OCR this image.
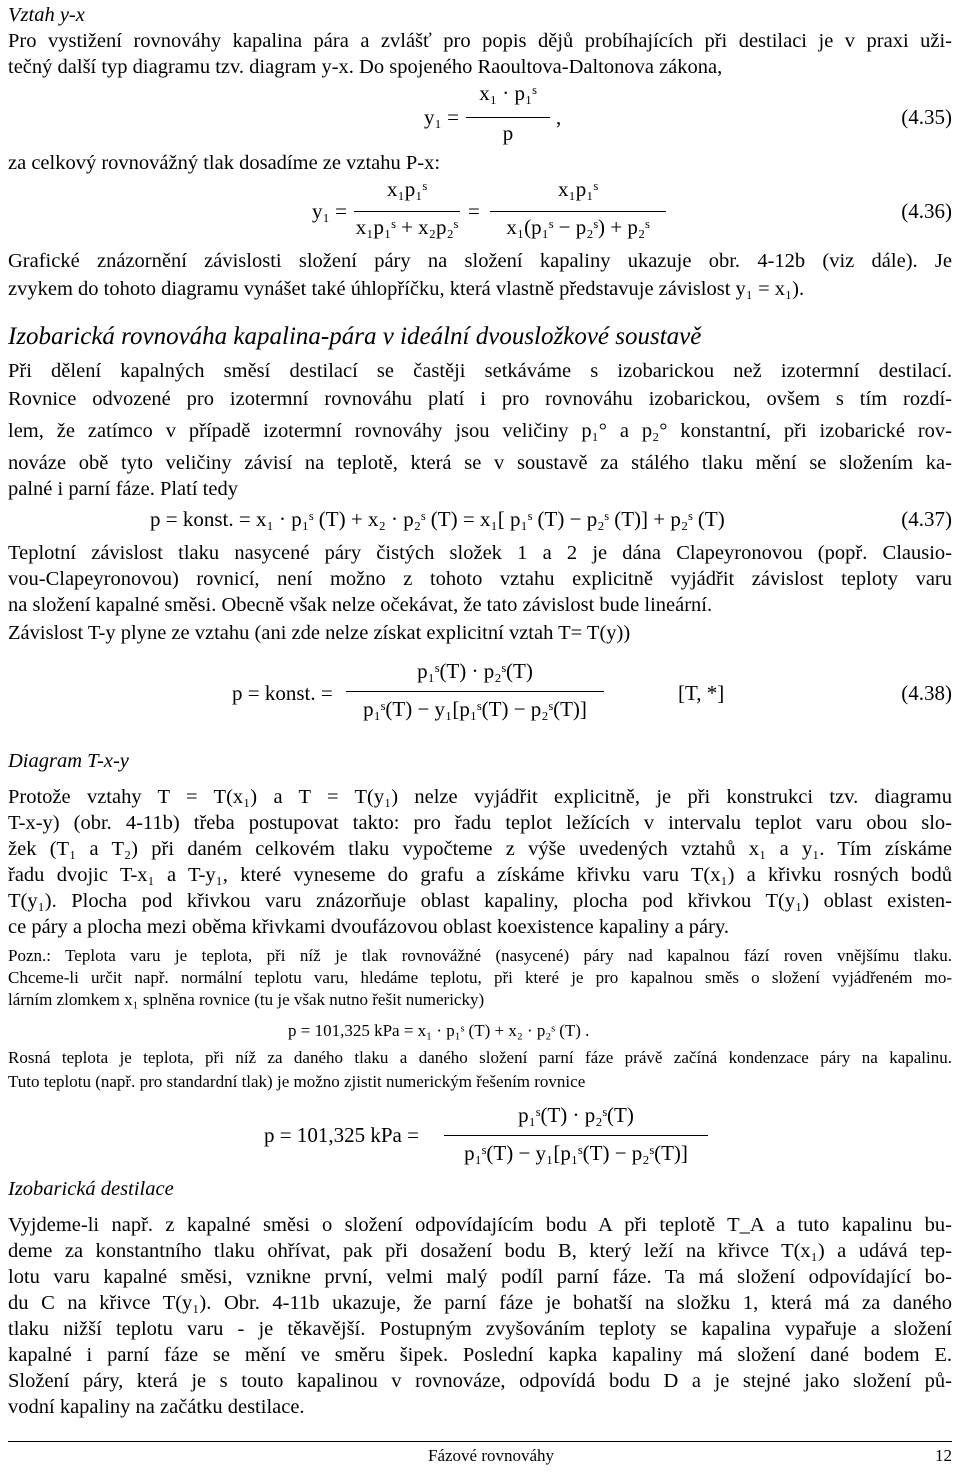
Vztah y-x
Pro vystižení rovnováhy kapalina pára a zvlášť pro popis dějů probíhajících při destilaci je v praxi uži-
tečný další typ diagramu tzv. diagram y-x. Do spojeného Raoultova-Daltonova zákona,
y₁ =
x₁ · p₁ˢ
p
,	(4.35)
za celkový rovnovážný tlak dosadíme ze vztahu P-x:
y₁ =
x₁p₁ˢ
x₁p₁ˢ + x₂p₂ˢ
=
x₁p₁ˢ
x₁(p₁ˢ − p₂ˢ) + p₂ˢ
(4.36)
Grafické znázornění závislosti složení páry na složení kapaliny ukazuje obr. 4-12b (viz dále). Je
zvykem do tohoto diagramu vynášet také úhlopříčku, která vlastně představuje závislost y₁ = x₁).
Izobarická rovnováha kapalina-pára v ideální dvousložkové soustavě
Při dělení kapalných směsí destilací se častěji setkáváme s izobarickou než izotermní destilací.
Rovnice odvozené pro izotermní rovnováhu platí i pro rovnováhu izobarickou, ovšem s tím rozdí-
lem, že zatímco v případě izotermní rovnováhy jsou veličiny p₁° a p₂° konstantní, při izobarické rov-
nováze obě tyto veličiny závisí na teplotě, která se v soustavě za stálého tlaku mění se složením ka-
palné i parní fáze. Platí tedy
p = konst. = x₁ · p₁ˢ (T) + x₂ · p₂ˢ (T) = x₁[ p₁ˢ (T) − p₂ˢ (T)] + p₂ˢ (T)	(4.37)
Teplotní závislost tlaku nasycené páry čistých složek 1 a 2 je dána Clapeyronovou (popř. Clausio-
vou-Clapeyronovou) rovnicí, není možno z tohoto vztahu explicitně vyjádřit závislost teploty varu
na složení kapalné směsi. Obecně však nelze očekávat, že tato závislost bude lineární.
Závislost T-y plyne ze vztahu (ani zde nelze získat explicitní vztah T= T(y))
p = konst. =
p₁ˢ(T) · p₂ˢ(T)
p₁ˢ(T) − y₁[p₁ˢ(T) − p₂ˢ(T)]
[T, *]	(4.38)
Diagram T-x-y
Protože vztahy T = T(x₁) a T = T(y₁) nelze vyjádřit explicitně, je při konstrukci tzv. diagramu
T-x-y) (obr. 4-11b) třeba postupovat takto: pro řadu teplot ležících v intervalu teplot varu obou slo-
žek (T₁ a T₂) při daném celkovém tlaku vypočteme z výše uvedených vztahů x₁ a y₁. Tím získáme
řadu dvojic T-x₁ a T-y₁, které vyneseme do grafu a získáme křivku varu T(x₁) a křivku rosných bodů
T(y₁). Plocha pod křivkou varu znázorňuje oblast kapaliny, plocha pod křivkou T(y₁) oblast existen-
ce páry a plocha mezi oběma křivkami dvoufázovou oblast koexistence kapaliny a páry.
Pozn.: Teplota varu je teplota, při níž je tlak rovnovážné (nasycené) páry nad kapalnou fází roven vnějšímu tlaku.
Chceme-li určit např. normální teplotu varu, hledáme teplotu, při které je pro kapalnou směs o složení vyjádřeném mo-
lárním zlomkem x₁ splněna rovnice (tu je však nutno řešit numericky)
p = 101,325 kPa = x₁ · p₁ˢ (T) + x₂ · p₂ˢ (T) .
Rosná teplota je teplota, při níž za daného tlaku a daného složení parní fáze právě začíná kondenzace páry na kapalinu.
Tuto teplotu (např. pro standardní tlak) je možno zjistit numerickým řešením rovnice
p = 101,325 kPa =
p₁ˢ(T) · p₂ˢ(T)
p₁ˢ(T) − y₁[p₁ˢ(T) − p₂ˢ(T)]
Izobarická destilace
Vyjdeme-li např. z kapalné směsi o složení odpovídajícím bodu A při teplotě T_A a tuto kapalinu bu-
deme za konstantního tlaku ohřívat, pak při dosažení bodu B, který leží na křivce T(x₁) a udává tep-
lotu varu kapalné směsi, vznikne první, velmi malý podíl parní fáze. Ta má složení odpovídající bo-
du C na křivce T(y₁). Obr. 4-11b ukazuje, že parní fáze je bohatší na složku 1, která má za daného
tlaku nižší teplotu varu - je těkavější. Postupným zvyšováním teploty se kapalina vypařuje a složení
kapalné i parní fáze se mění ve směru šipek. Poslední kapka kapaliny má složení dané bodem E.
Složení páry, která je s touto kapalinou v rovnováze, odpovídá bodu D a je stejné jako složení pů-
vodní kapaliny na začátku destilace.
Fázové rovnováhy	12
